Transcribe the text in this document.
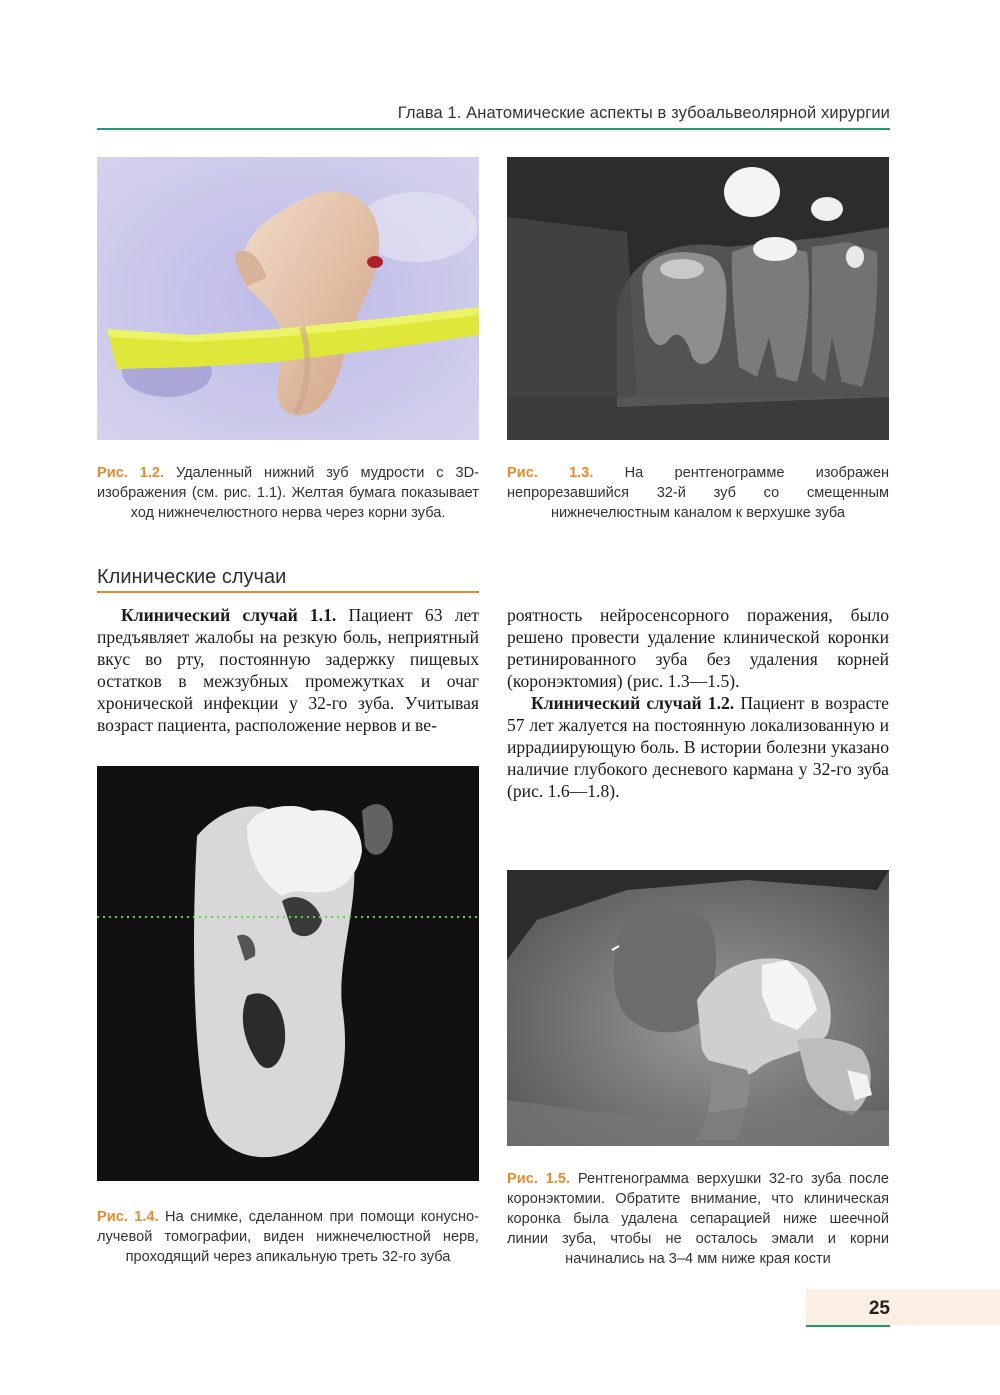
Глава 1. Анатомические аспекты в зубоальвеолярной хирургии
Рис. 1.2. Удаленный нижний зуб мудрости с 3D-изображения (см. рис. 1.1). Желтая бумага показывает ход нижнечелюстного нерва через корни зуба.
Рис. 1.3. На рентгенограмме изображен непрорезавшийся 32-й зуб со смещенным нижнечелюстным каналом к верхушке зуба
Клинические случаи

Клинический случай 1.1. Пациент 63 лет предъявляет жалобы на резкую боль, неприятный вкус во рту, постоянную задержку пищевых остатков в межзубных промежутках и очаг хронической инфекции у 32-го зуба. Учитывая возраст пациента, расположение нервов и ве-

роятность нейросенсорного поражения, было решено провести удаление клинической коронки ретинированного зуба без удаления корней (коронэктомия) (рис. 1.3—1.5).

Клинический случай 1.2. Пациент в возрасте 57 лет жалуется на постоянную локализованную и иррадиирующую боль. В истории болезни указано наличие глубокого десневого кармана у 32-го зуба (рис. 1.6—1.8).

Рис. 1.4. На снимке, сделанном при помощи конусно-лучевой томографии, виден нижнечелюстной нерв, проходящий через апикальную треть 32-го зуба
Рис. 1.5. Рентгенограмма верхушки 32-го зуба после коронэктомии. Обратите внимание, что клиническая коронка была удалена сепарацией ниже шеечной линии зуба, чтобы не осталось эмали и корни начинались на 3–4 мм ниже края кости
25
